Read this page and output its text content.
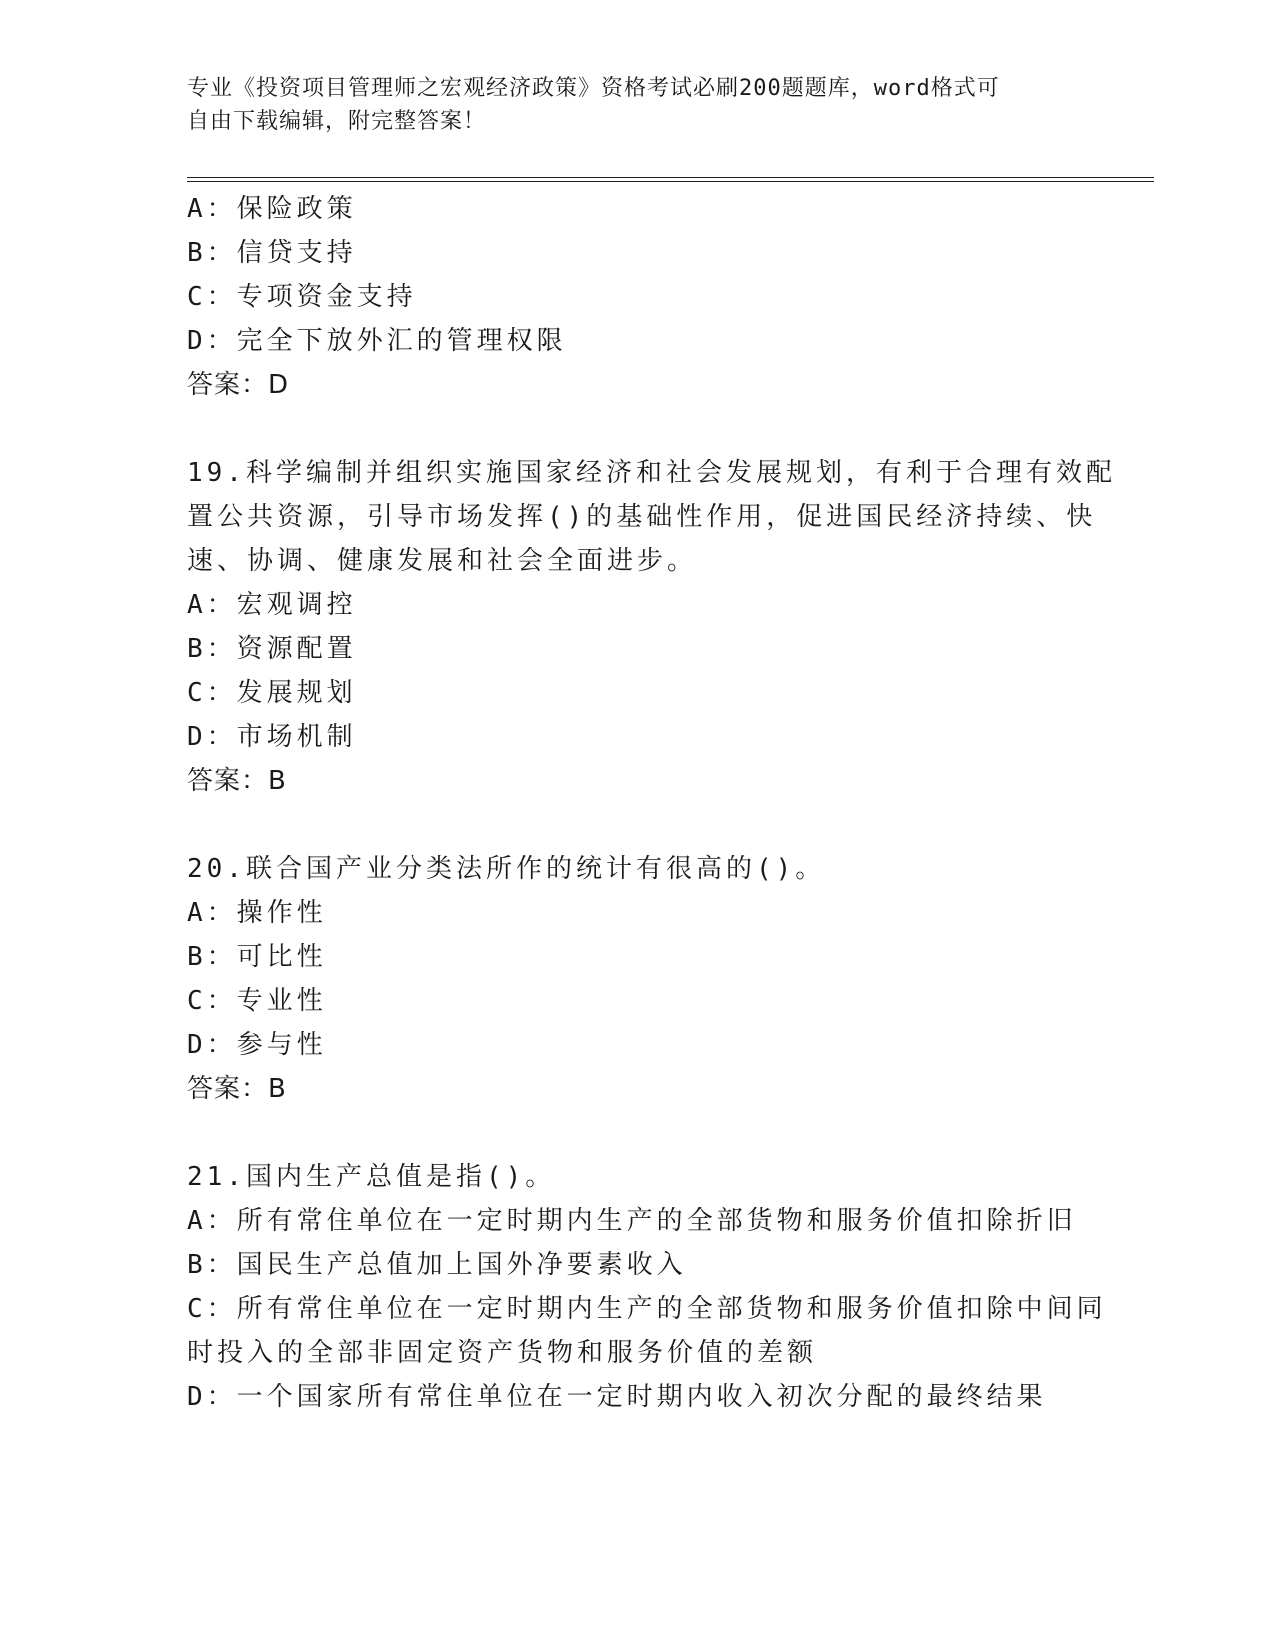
专业《投资项目管理师之宏观经济政策》资格考试必刷200题题库，word格式可
自由下载编辑，附完整答案！
A：保险政策
B：信贷支持
C：专项资金支持
D：完全下放外汇的管理权限
答案：D
19.科学编制并组织实施国家经济和社会发展规划，有利于合理有效配
置公共资源，引导市场发挥()的基础性作用，促进国民经济持续、快
速、协调、健康发展和社会全面进步。
A：宏观调控
B：资源配置
C：发展规划
D：市场机制
答案：B
20.联合国产业分类法所作的统计有很高的()。
A：操作性
B：可比性
C：专业性
D：参与性
答案：B
21.国内生产总值是指()。
A：所有常住单位在一定时期内生产的全部货物和服务价值扣除折旧
B：国民生产总值加上国外净要素收入
C：所有常住单位在一定时期内生产的全部货物和服务价值扣除中间同
时投入的全部非固定资产货物和服务价值的差额
D：一个国家所有常住单位在一定时期内收入初次分配的最终结果
